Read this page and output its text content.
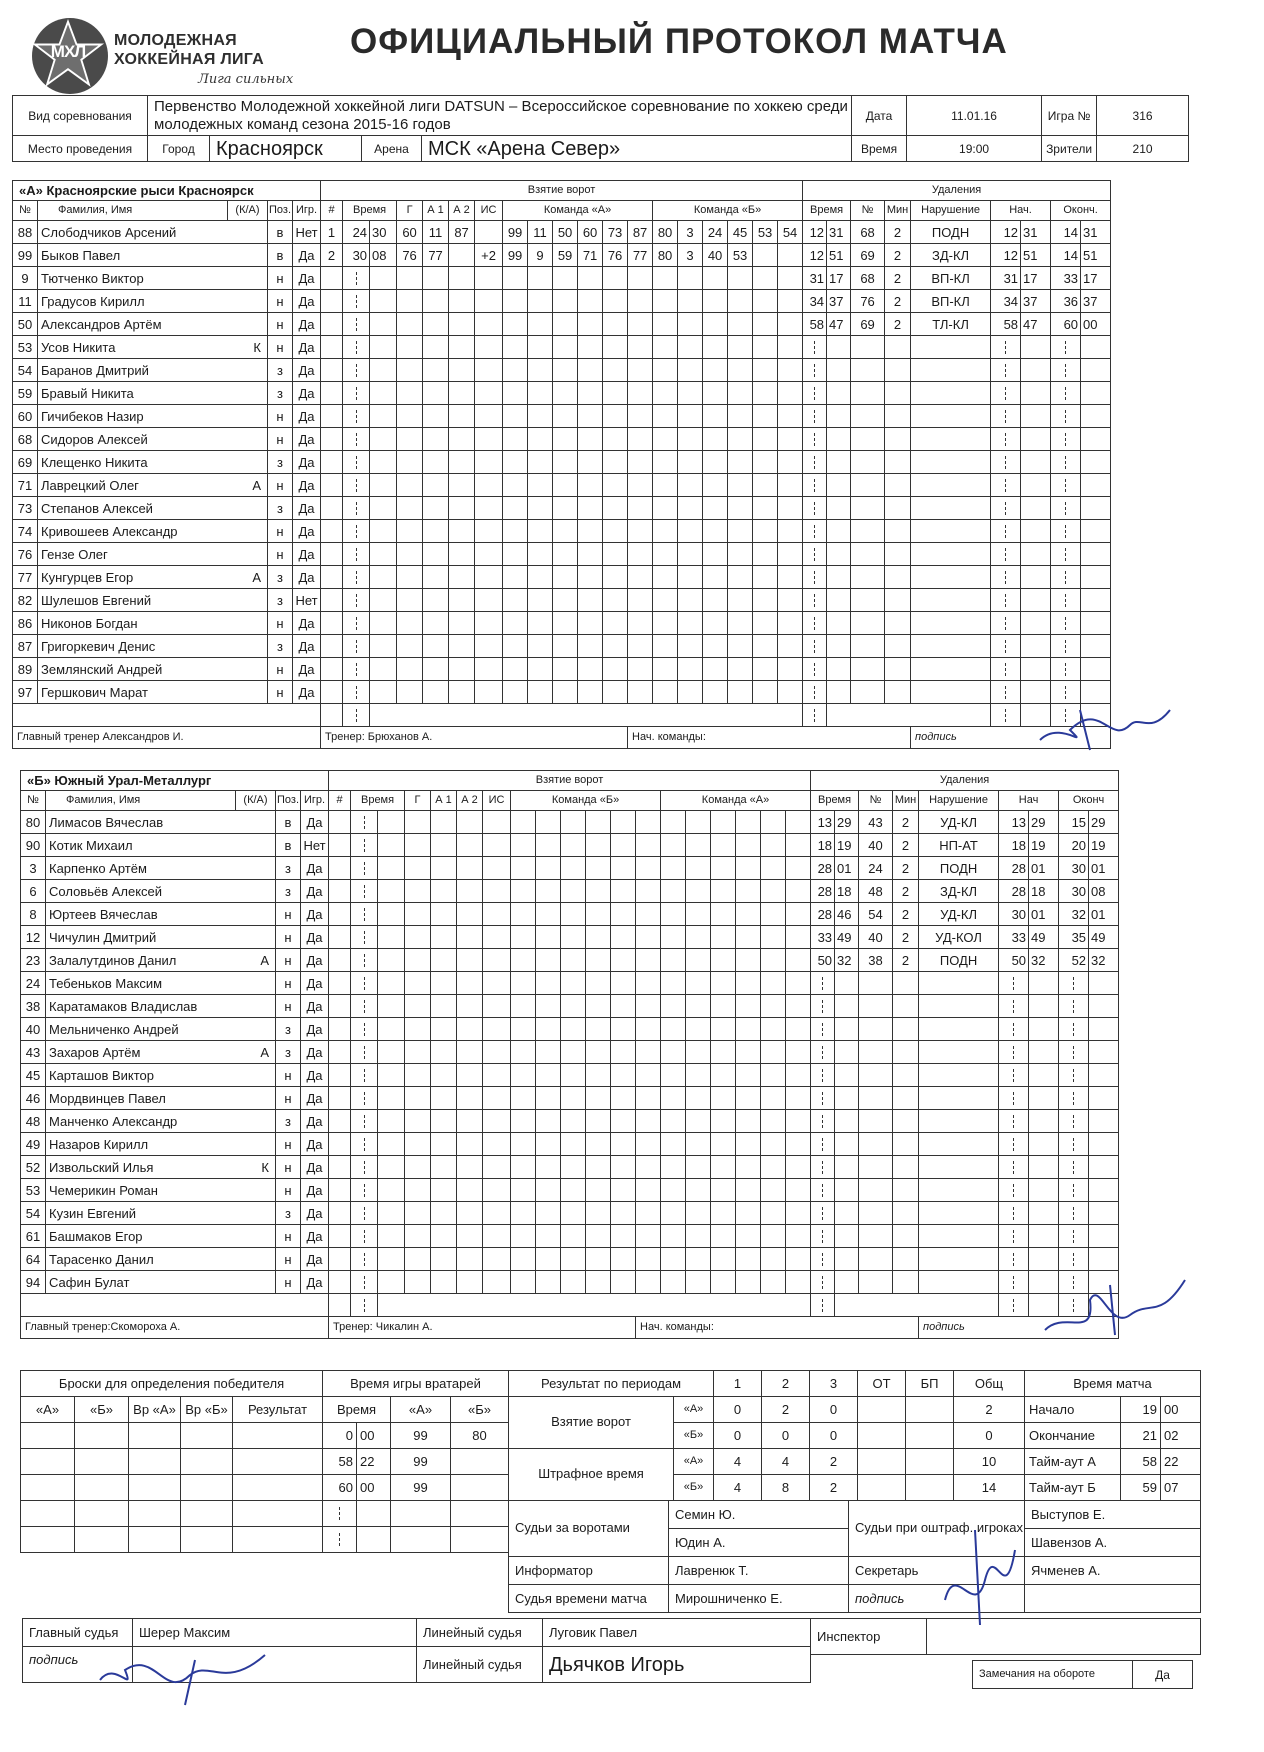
МХЛ
МОЛОДЕЖНАЯ
ХОККЕЙНАЯ ЛИГА
Лига сильных
ОФИЦИАЛЬНЫЙ ПРОТОКОЛ МАТЧА
Вид соревнования	Первенство Молодежной хоккейной лиги DATSUN – Всероссийское соревнование по хоккею среди молодежных команд сезона 2015-16 годов				Дата	11.01.16	Игра №	316
Место проведения	Город	Красноярск	Арена	МСК «Арена Север»	Время	19:00	Зрители	210
«А» Красноярские рыси Красноярск					Взятие ворот																			Удаления								
№	Фамилия, Имя	(К/А)	Поз.	Игр.	#	Время		Г	А 1	А 2	ИС	Команда «А»						Команда «Б»						Время		№	Мин	Нарушение	Нач.		Оконч.	
88	Слободчиков Арсений		в	Нет	1	24	30	60	11	87		99	11	50	60	73	87	80	3	24	45	53	54	12	31	68	2	ПОДН	12	31	14	31
99	Быков Павел		в	Да	2	30	08	76	77		+2	99	9	59	71	76	77	80	3	40	53			12	51	69	2	ЗД-КЛ	12	51	14	51
9	Тютченко Виктор		н	Да																				31	17	68	2	ВП-КЛ	31	17	33	17
11	Градусов Кирилл		н	Да																				34	37	76	2	ВП-КЛ	34	37	36	37
50	Александров Артём		н	Да																				58	47	69	2	ТЛ-КЛ	58	47	60	00
53	Усов Никита К		н	Да		

54	Баранов Дмитрий		з	Да		

59	Бравый Никита		з	Да		

60	Гичибеков Назир		н	Да		

68	Сидоров Алексей		н	Да		

69	Клещенко Никита		з	Да		

71	Лаврецкий Олег А		н	Да		

73	Степанов Алексей		з	Да		

74	Кривошеев Александр		н	Да		

76	Гензе Олег		н	Да		

77	Кунгурцев Егор А		з	Да		

82	Шулешов Евгений		з	Нет		

86	Никонов Богдан		н	Да		

87	Григоркевич Денис		з	Да		

89	Землянский Андрей		н	Да		

97	Гершкович Марат		н	Да		

Главный тренер Александров И.					Тренер: Брюханов А.												Нач. команды:											подпись				
«Б» Южный Урал-Металлург					Взятие ворот																			Удаления								
№	Фамилия, Имя	(К/А)	Поз.	Игр.	#	Время		Г	А 1	А 2	ИС	Команда «Б»						Команда «А»						Время		№	Мин	Нарушение	Нач		Оконч	
80	Лимасов Вячеслав		в	Да																				13	29	43	2	УД-КЛ	13	29	15	29
90	Котик Михаил		в	Нет																				18	19	40	2	НП-АТ	18	19	20	19
3	Карпенко Артём		з	Да																				28	01	24	2	ПОДН	28	01	30	01
6	Соловьёв Алексей		з	Да																				28	18	48	2	ЗД-КЛ	28	18	30	08
8	Юртеев Вячеслав		н	Да																				28	46	54	2	УД-КЛ	30	01	32	01
12	Чичулин Дмитрий		н	Да																				33	49	40	2	УД-КОЛ	33	49	35	49
23	Залалутдинов Данил А		н	Да																				50	32	38	2	ПОДН	50	32	52	32
24	Тебеньков Максим		н	Да		

38	Каратамаков Владислав		н	Да		

40	Мельниченко Андрей		з	Да		

43	Захаров Артём А		з	Да		

45	Карташов Виктор		н	Да		

46	Мордвинцев Павел		н	Да		

48	Манченко Александр		з	Да		

49	Назаров Кирилл		н	Да		

52	Извольский Илья К		н	Да		

53	Чемерикин Роман		н	Да		

54	Кузин Евгений		з	Да		

61	Башмаков Егор		н	Да		

64	Тарасенко Данил		н	Да		

94	Сафин Булат		н	Да		

Главный тренер:Скомороха А.					Тренер: Чикалин А.												Нач. команды:											подпись				
Броски для определения победителя				
«А»	«Б»	Вр «А»	Вр «Б»	Результат

Время игры вратарей			
Время		«А»	«Б»
0	00	99	80
58	22	99	
60	00	99	

Результат по периодам		1	2	3	ОТ	БП	Общ
Взятие ворот	«А»	0	2	0			2
	«Б»	0	0	0			0
Штрафное время	«А»	4	4	2			10
	«Б»	4	8	2			14
Время матча		
Начало	19	00
Окончание	21	02
Тайм-аут А	58	22
Тайм-аут Б	59	07
Судьи за воротами	Семин Ю.	Судьи при оштраф. игроках	Выступов Е.
	Юдин А.		Шавензов А.
Информатор	Лавренюк Т.	Секретарь	Ячменев А.
Судья времени матча	Мирошниченко Е.	подпись	
Главный судья	Шерер Максим	Линейный судья	Луговик Павел
подпись		Линейный судья	Дьячков Игорь
Инспектор	
Замечания на обороте	Да
